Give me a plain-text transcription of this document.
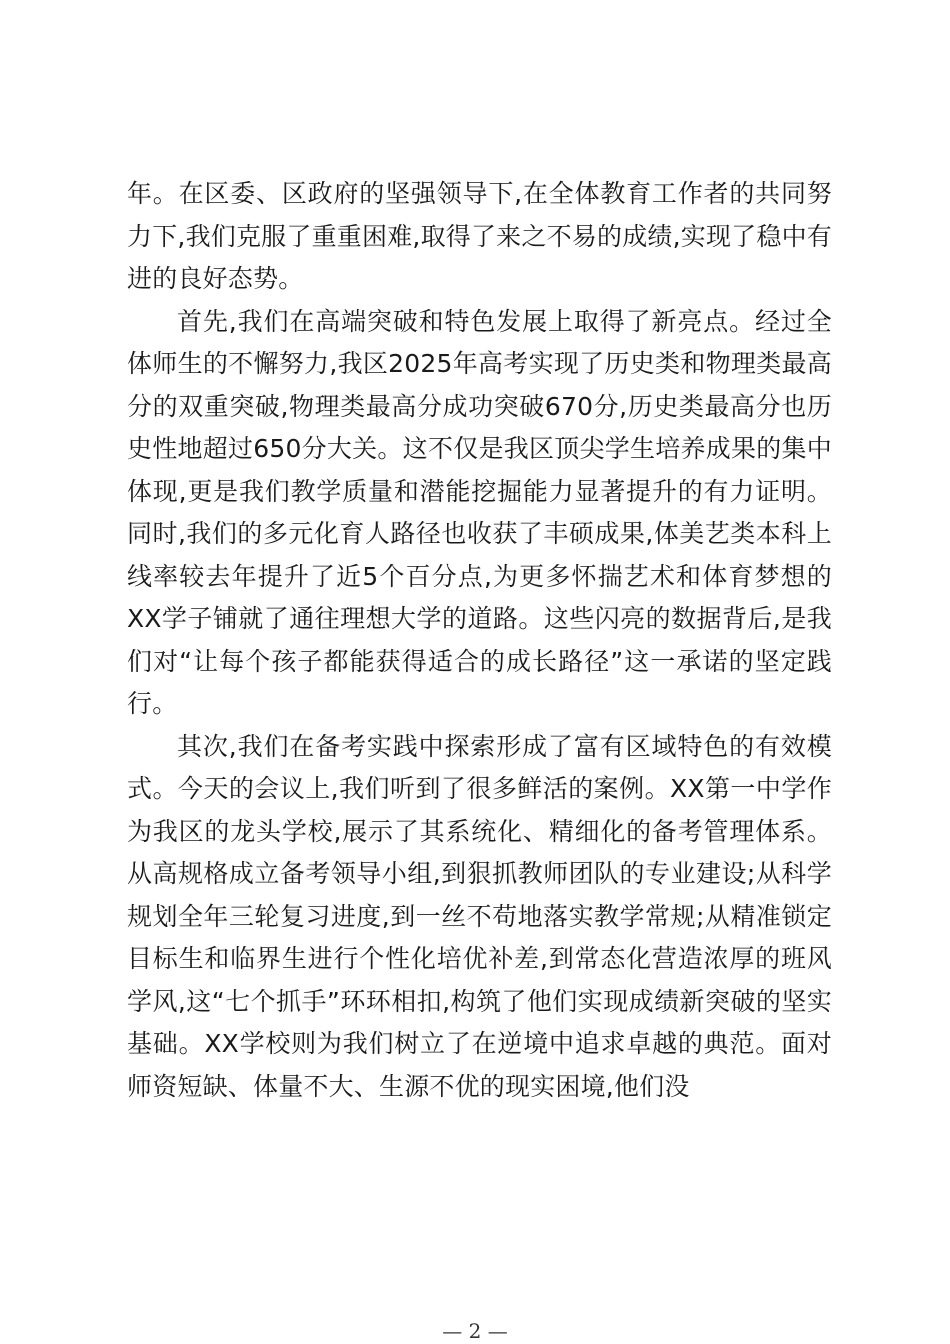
年。在区委、区政府的坚强领导下,在全体教育工作者的共同努力下,我们克服了重重困难,取得了来之不易的成绩,实现了稳中有进的良好态势。

首先,我们在高端突破和特色发展上取得了新亮点。经过全体师生的不懈努力,我区2025年高考实现了历史类和物理类最高分的双重突破,物理类最高分成功突破670分,历史类最高分也历史性地超过650分大关。这不仅是我区顶尖学生培养成果的集中体现,更是我们教学质量和潜能挖掘能力显著提升的有力证明。同时,我们的多元化育人路径也收获了丰硕成果,体美艺类本科上线率较去年提升了近5个百分点,为更多怀揣艺术和体育梦想的XX学子铺就了通往理想大学的道路。这些闪亮的数据背后,是我们对“让每个孩子都能获得适合的成长路径”这一承诺的坚定践行。

其次,我们在备考实践中探索形成了富有区域特色的有效模式。今天的会议上,我们听到了很多鲜活的案例。XX第一中学作为我区的龙头学校,展示了其系统化、精细化的备考管理体系。从高规格成立备考领导小组,到狠抓教师团队的专业建设;从科学规划全年三轮复习进度,到一丝不苟地落实教学常规;从精准锁定目标生和临界生进行个性化培优补差,到常态化营造浓厚的班风学风,这“七个抓手”环环相扣,构筑了他们实现成绩新突破的坚实基础。XX学校则为我们树立了在逆境中追求卓越的典范。面对师资短缺、体量不大、生源不优的现实困境,他们没

— 2 —
